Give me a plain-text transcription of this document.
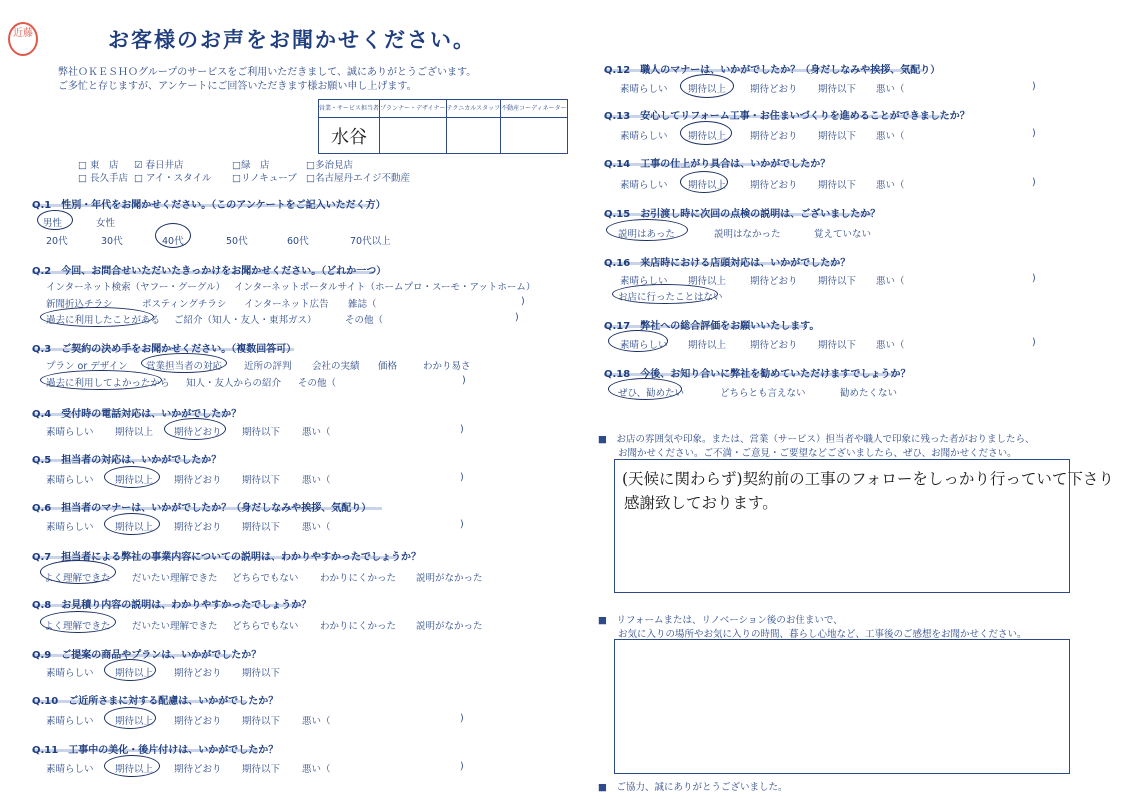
近藤	お客様のお声をお聞かせください。
弊社ＯＫＥＳＨＯグループのサービスをご利用いただきまして、誠にありがとうございます。
ご多忙と存じますが、アンケートにご回答いただきます様お願い申し上げます。
営業・サービス担当者	プランナー・デザイナー	テクニカルスタッフ	不動産コーディネーター
水谷			
□ 東　店 ☑ 春日井店	□緑　店	□多治見店
□ 長久手店 □ アイ・スタイル □リノキューブ □名古屋丹エイジ不動産
Q.1　性別・年代をお聞かせください。（このアンケートをご記入いただく方）
男性	女性
20代	30代	40代	50代	60代	70代以上
Q.2　今回、お問合せいただいたきっかけをお聞かせください。（どれか一つ）
インターネット検索（ヤフー・グーグル） インターネットポータルサイト（ホームプロ・スーモ・アットホーム）
新聞折込チラシ	ポスティングチラシ インターネット広告 雑誌（	)
過去に利用したことがある ご紹介（知人・友人・東邦ガス）	その他（	)
Q.3　ご契約の決め手をお聞かせください。（複数回答可）
プラン or デザイン 営業担当者の対応 近所の評判 会社の実績 価格	わかり易さ
過去に利用してよかったから 知人・友人からの紹介 その他（	)
Q.4　受付時の電話対応は、いかがでしたか？
素晴らしい 期待以上 期待どおり 期待以下 悪い（	)
Q.5　担当者の対応は、いかがでしたか？
素晴らしい 期待以上 期待どおり 期待以下 悪い（	)
Q.6　担当者のマナーは、いかがでしたか？（身だしなみや挨拶、気配り）
素晴らしい 期待以上 期待どおり 期待以下 悪い（	)
Q.7　担当者による弊社の事業内容についての説明は、わかりやすかったでしょうか？
よく理解できた だいたい理解できた どちらでもない わかりにくかった 説明がなかった
Q.8　お見積り内容の説明は、わかりやすかったでしょうか？
よく理解できた だいたい理解できた どちらでもない わかりにくかった 説明がなかった
Q.9　ご提案の商品やプランは、いかがでしたか？
素晴らしい 期待以上 期待どおり 期待以下
Q.10　ご近所さまに対する配慮は、いかがでしたか？
素晴らしい 期待以上 期待どおり 期待以下 悪い（	)
Q.11　工事中の美化・後片付けは、いかがでしたか？
素晴らしい 期待以上 期待どおり 期待以下 悪い（	)
Q.12　職人のマナーは、いかがでしたか？（身だしなみや挨拶、気配り）
素晴らしい 期待以上	期待どおり 期待以下 悪い（	)
Q.13　安心してリフォーム工事・お住まいづくりを進めることができましたか？
素晴らしい 期待以上	期待どおり 期待以下 悪い（	)
Q.14　工事の仕上がり具合は、いかがでしたか？
素晴らしい 期待以上	期待どおり 期待以下 悪い（	)
Q.15　お引渡し時に次回の点検の説明は、ございましたか？
説明はあった	説明はなかった	覚えていない
Q.16　来店時における店頭対応は、いかがでしたか？
素晴らしい 期待以上	期待どおり 期待以下 悪い（	)
お店に行ったことはない
Q.17　弊社への総合評価をお願いいたします。
素晴らしい 期待以上	期待どおり 期待以下 悪い（	)
Q.18　今後、お知り合いに弊社を勧めていただけますでしょうか？
ぜひ、勧めたい	どちらとも言えない	勧めたくない
■　お店の雰囲気や印象。または、営業（サービス）担当者や職人で印象に残った者がおりましたら、
お聞かせください。ご不満・ご意見・ご要望などございましたら、ぜひ、お聞かせください。
(天候に関わらず)契約前の工事のフォローをしっかり行っていて下さり
感謝致しております。
■　リフォームまたは、リノベーション後のお住まいで、
お気に入りの場所やお気に入りの時間、暮らし心地など、工事後のご感想をお聞かせください。
■　ご協力、誠にありがとうございました。
